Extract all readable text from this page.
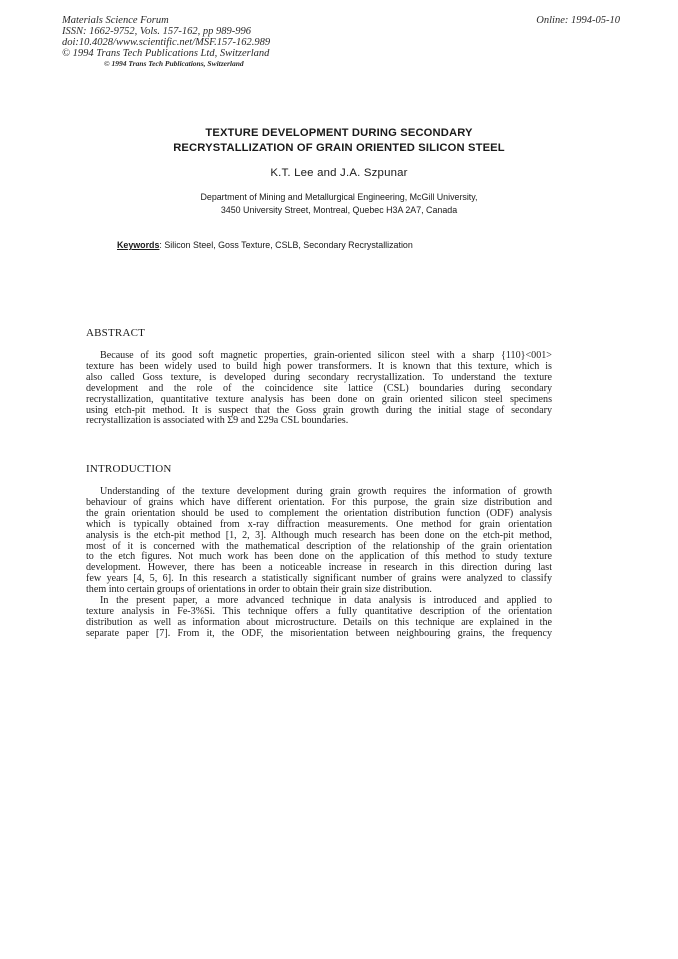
Materials Science Forum
ISSN: 1662-9752, Vols. 157-162, pp 989-996
doi:10.4028/www.scientific.net/MSF.157-162.989
© 1994 Trans Tech Publications Ltd, Switzerland
© 1994 Trans Tech Publications, Switzerland
Online: 1994-05-10
TEXTURE DEVELOPMENT DURING SECONDARY
RECRYSTALLIZATION OF GRAIN ORIENTED SILICON STEEL
K.T. Lee and J.A. Szpunar
Department of Mining and Metallurgical Engineering, McGill University,
3450 University Street, Montreal, Quebec H3A 2A7, Canada
Keywords: Silicon Steel, Goss Texture, CSLB, Secondary Recrystallization
ABSTRACT
Because of its good soft magnetic properties, grain-oriented silicon steel with a sharp {110}<001>
texture has been widely used to build high power transformers. It is known that this texture, which is
also called Goss texture, is developed during secondary recrystallization. To understand the texture
development and the role of the coincidence site lattice (CSL) boundaries during secondary
recrystallization, quantitative texture analysis has been done on grain oriented silicon steel specimens
using etch-pit method. It is suspect that the Goss grain growth during the initial stage of secondary
recrystallization is associated with Σ9 and Σ29a CSL boundaries.
INTRODUCTION
Understanding of the texture development during grain growth requires the information of growth
behaviour of grains which have different orientation. For this purpose, the grain size distribution and
the grain orientation should be used to complement the orientation distribution function (ODF) analysis
which is typically obtained from x-ray diffraction measurements. One method for grain orientation
analysis is the etch-pit method [1, 2, 3]. Although much research has been done on the etch-pit method,
most of it is concerned with the mathematical description of the relationship of the grain orientation
to the etch figures. Not much work has been done on the application of this method to study texture
development. However, there has been a noticeable increase in research in this direction during last
few years [4, 5, 6]. In this research a statistically significant number of grains were analyzed to classify
them into certain groups of orientations in order to obtain their grain size distribution.
In the present paper, a more advanced technique in data analysis is introduced and applied to
texture analysis in Fe-3%Si. This technique offers a fully quantitative description of the orientation
distribution as well as information about microstructure. Details on this technique are explained in the
separate paper [7]. From it, the ODF, the misorientation between neighbouring grains, the frequency
